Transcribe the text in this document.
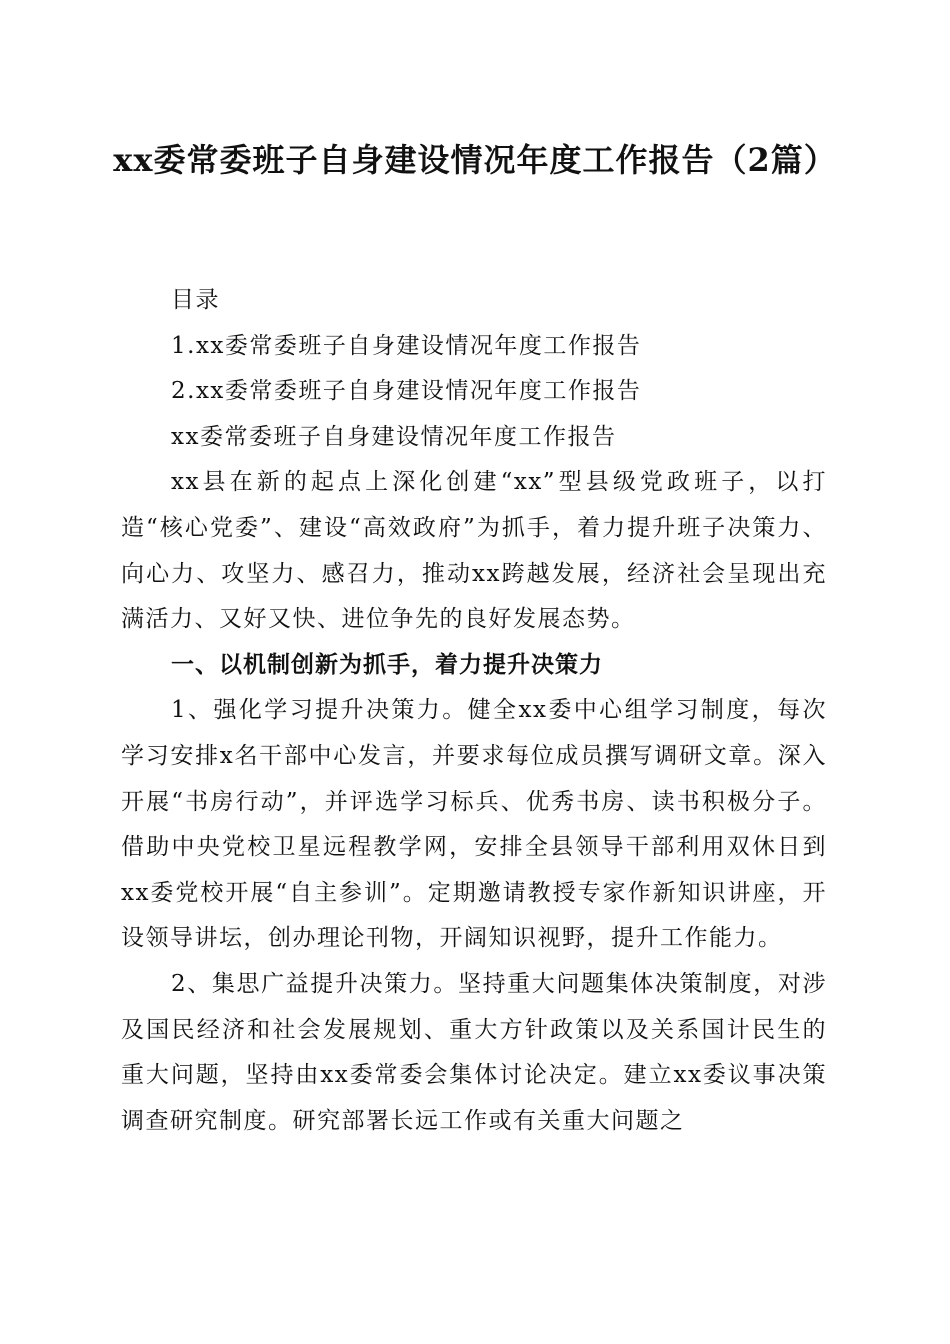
xx委常委班子自身建设情况年度工作报告（2篇）

目录

1.xx委常委班子自身建设情况年度工作报告

2.xx委常委班子自身建设情况年度工作报告

xx委常委班子自身建设情况年度工作报告

xx县在新的起点上深化创建“xx”型县级党政班子，以打造“核心党委”、建设“高效政府”为抓手，着力提升班子决策力、向心力、攻坚力、感召力，推动xx跨越发展，经济社会呈现出充满活力、又好又快、进位争先的良好发展态势。

一、以机制创新为抓手，着力提升决策力

1、强化学习提升决策力。健全xx委中心组学习制度，每次学习安排x名干部中心发言，并要求每位成员撰写调研文章。深入开展“书房行动”，并评选学习标兵、优秀书房、读书积极分子。借助中央党校卫星远程教学网，安排全县领导干部利用双休日到xx委党校开展“自主参训”。定期邀请教授专家作新知识讲座，开设领导讲坛，创办理论刊物，开阔知识视野，提升工作能力。

2、集思广益提升决策力。坚持重大问题集体决策制度，对涉及国民经济和社会发展规划、重大方针政策以及关系国计民生的重大问题，坚持由xx委常委会集体讨论决定。建立xx委议事决策调查研究制度。研究部署长远工作或有关重大问题之
